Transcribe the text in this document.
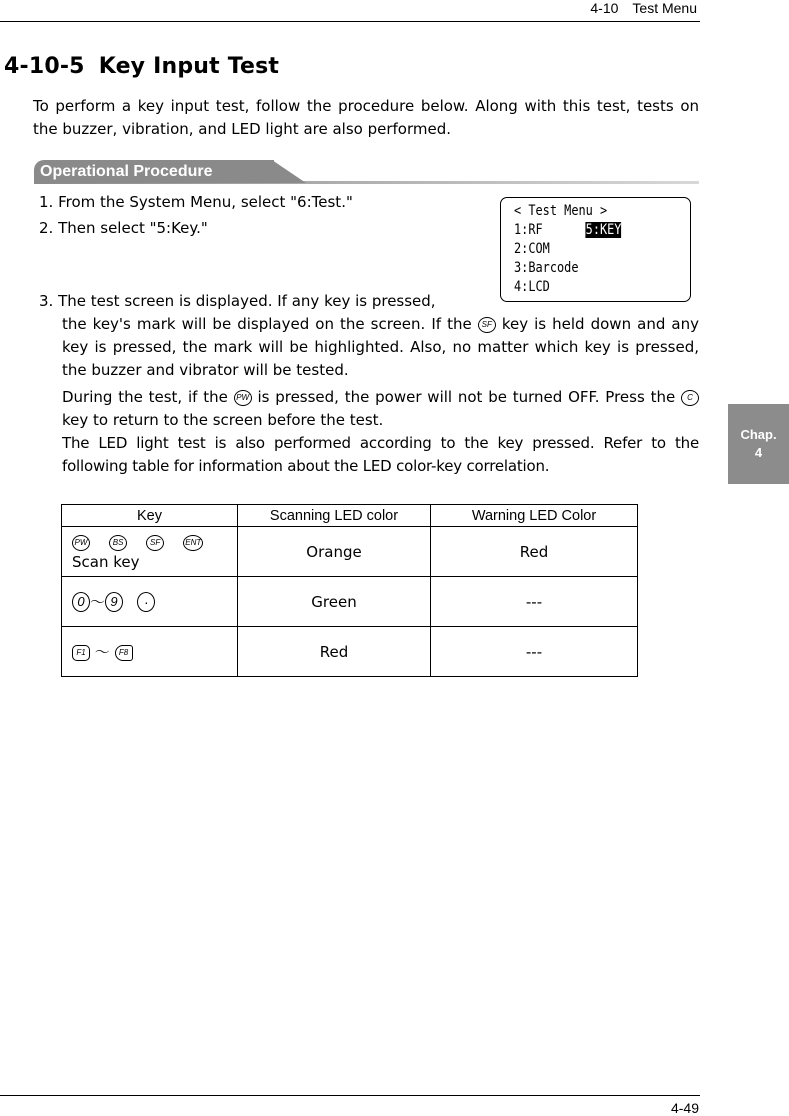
4-10 Test Menu
4-10-5 Key Input Test
To perform a key input test, follow the procedure below. Along with this test, tests on the buzzer, vibration, and LED light are also performed.
Operational Procedure
1. From the System Menu, select "6:Test."
2. Then select "5:Key."
< Test Menu >
1:RF      5:KEY
2:COM
3:Barcode
4:LCD
3. The test screen is displayed. If any key is pressed,
the key's mark will be displayed on the screen. If the SF key is held down and any key is pressed, the mark will be highlighted. Also, no matter which key is pressed, the buzzer and vibrator will be tested.
During the test, if the PW is pressed, the power will not be turned OFF. Press the C key to return to the screen before the test.
The LED light test is also performed according to the key pressed. Refer to the following table for information about the LED color-key correlation.
Key	Scanning LED color	Warning LED Color

PW BS SF ENT
Scan key	Orange	Red
0 ～ 9 ·	Green	---
F1 ～ F8	Red	---
Chap.
4
4-49
